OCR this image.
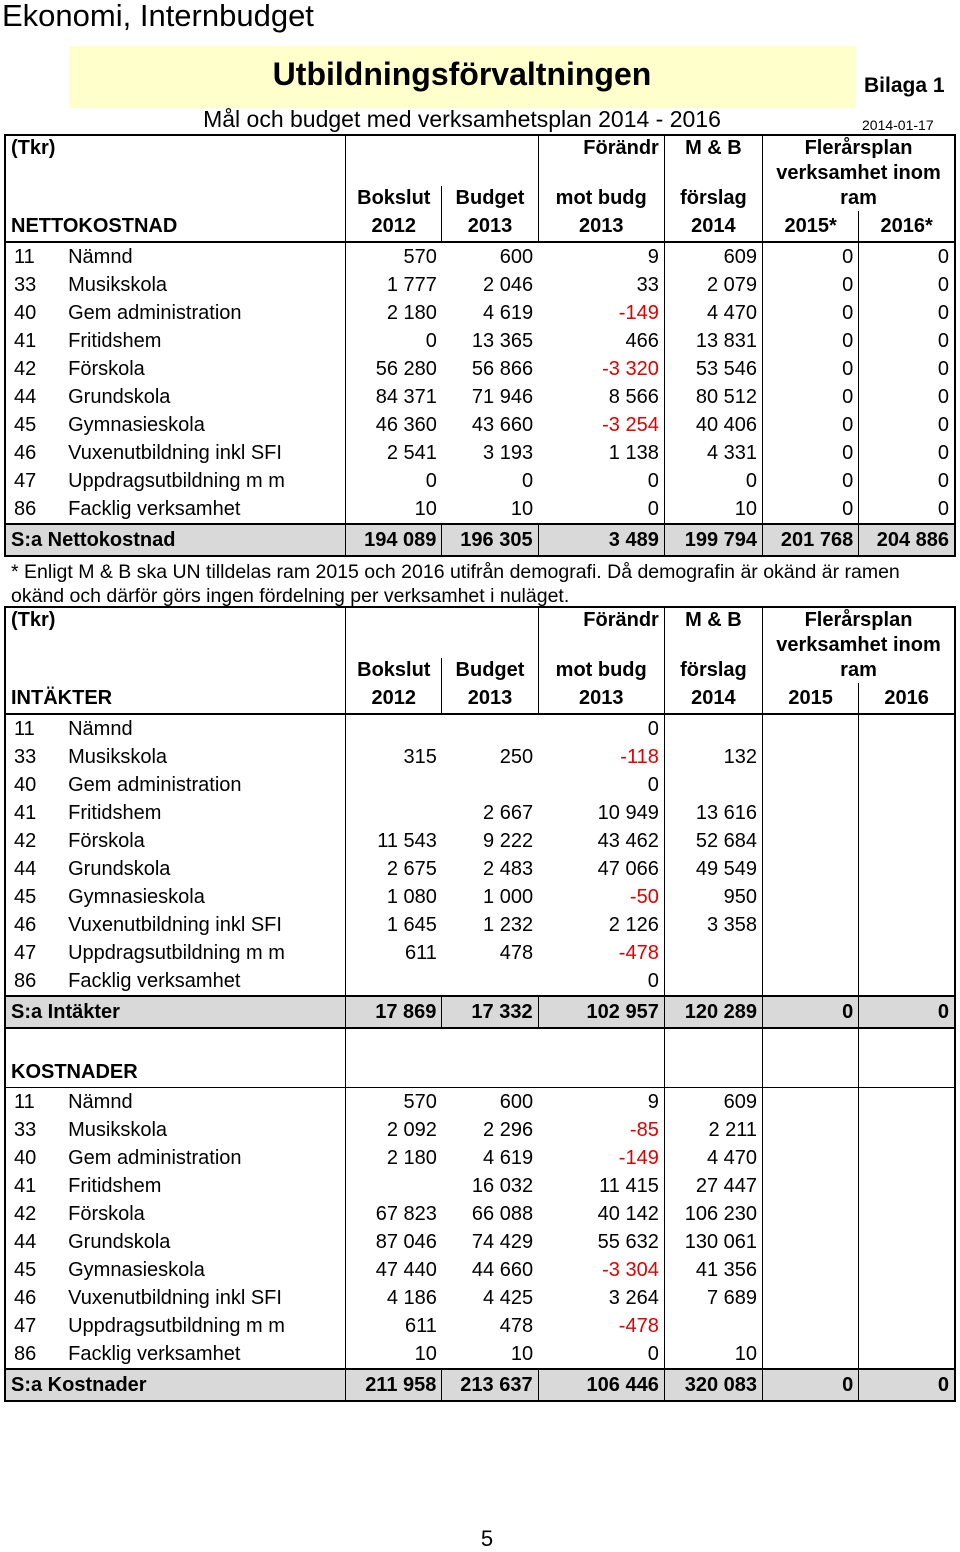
Ekonomi, Internbudget
Utbildningsförvaltningen	Bilaga 1
Mål och budget med verksamhetsplan 2014 - 2016	2014-01-17
(Tkr)				Förändr	M & B	Flerårsplan	
						verksamhet inom	
		Bokslut	Budget	mot budg	förslag	ram	
NETTOKOSTNAD		2012	2013	2013	2014	2015*	2016*
11	Nämnd	570	600	9	609	0	0
33	Musikskola	1 777	2 046	33	2 079	0	0
40	Gem administration	2 180	4 619	-149	4 470	0	0
41	Fritidshem	0	13 365	466	13 831	0	0
42	Förskola	56 280	56 866	-3 320	53 546	0	0
44	Grundskola	84 371	71 946	8 566	80 512	0	0
45	Gymnasieskola	46 360	43 660	-3 254	40 406	0	0
46	Vuxenutbildning inkl SFI	2 541	3 193	1 138	4 331	0	0
47	Uppdragsutbildning m m	0	0	0	0	0	0
86	Facklig verksamhet	10	10	0	10	0	0
S:a Nettokostnad		194 089	196 305	3 489	199 794	201 768	204 886
* Enligt M & B ska UN tilldelas ram 2015 och 2016 utifrån demografi. Då demografin är okänd är ramen okänd och därför görs ingen fördelning per verksamhet i nuläget.
(Tkr)				Förändr	M & B	Flerårsplan	
						verksamhet inom	
		Bokslut	Budget	mot budg	förslag	ram	
INTÄKTER		2012	2013	2013	2014	2015	2016
11	Nämnd			0			
33	Musikskola	315	250	-118	132		
40	Gem administration			0			
41	Fritidshem		2 667	10 949	13 616		
42	Förskola	11 543	9 222	43 462	52 684		
44	Grundskola	2 675	2 483	47 066	49 549		
45	Gymnasieskola	1 080	1 000	-50	950		
46	Vuxenutbildning inkl SFI	1 645	1 232	2 126	3 358		
47	Uppdragsutbildning m m	611	478	-478			
86	Facklig verksamhet			0			
S:a Intäkter		17 869	17 332	102 957	120 289	0	0

KOSTNADER							
11	Nämnd	570	600	9	609		
33	Musikskola	2 092	2 296	-85	2 211		
40	Gem administration	2 180	4 619	-149	4 470		
41	Fritidshem		16 032	11 415	27 447		
42	Förskola	67 823	66 088	40 142	106 230		
44	Grundskola	87 046	74 429	55 632	130 061		
45	Gymnasieskola	47 440	44 660	-3 304	41 356		
46	Vuxenutbildning inkl SFI	4 186	4 425	3 264	7 689		
47	Uppdragsutbildning m m	611	478	-478			
86	Facklig verksamhet	10	10	0	10		
S:a Kostnader		211 958	213 637	106 446	320 083	0	0
5
